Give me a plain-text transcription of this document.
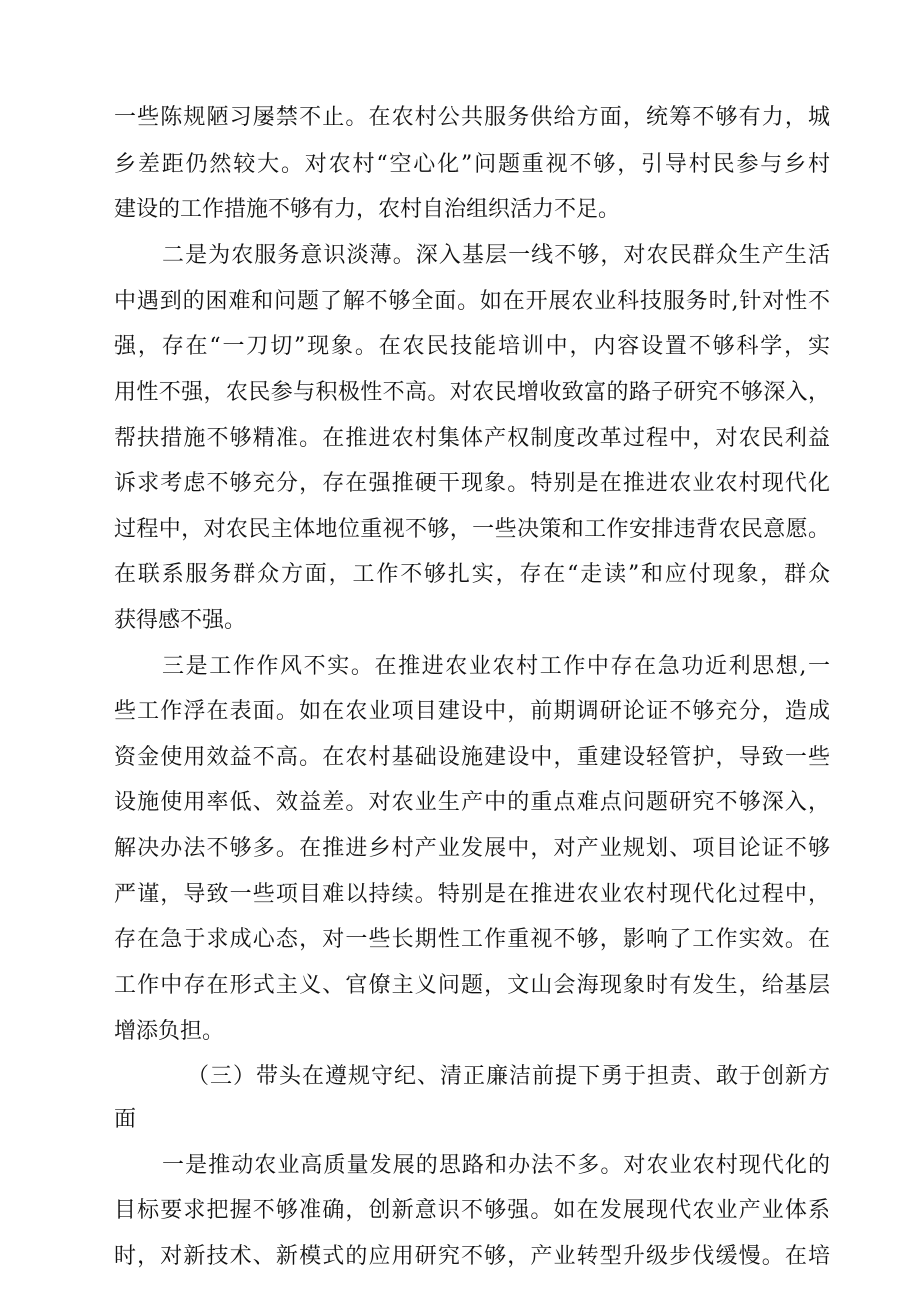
一些陈规陋习屡禁不止。在农村公共服务供给方面，统筹不够有力，城
乡差距仍然较大。对农村“空心化”问题重视不够，引导村民参与乡村
建设的工作措施不够有力，农村自治组织活力不足。
二是为农服务意识淡薄。深入基层一线不够，对农民群众生产生活
中遇到的困难和问题了解不够全面。如在开展农业科技服务时,针对性不
强，存在“一刀切”现象。在农民技能培训中，内容设置不够科学，实
用性不强，农民参与积极性不高。对农民增收致富的路子研究不够深入，
帮扶措施不够精准。在推进农村集体产权制度改革过程中，对农民利益
诉求考虑不够充分，存在强推硬干现象。特别是在推进农业农村现代化
过程中，对农民主体地位重视不够，一些决策和工作安排违背农民意愿。
在联系服务群众方面，工作不够扎实，存在“走读”和应付现象，群众
获得感不强。
三是工作作风不实。在推进农业农村工作中存在急功近利思想,一
些工作浮在表面。如在农业项目建设中，前期调研论证不够充分，造成
资金使用效益不高。在农村基础设施建设中，重建设轻管护，导致一些
设施使用率低、效益差。对农业生产中的重点难点问题研究不够深入，
解决办法不够多。在推进乡村产业发展中，对产业规划、项目论证不够
严谨，导致一些项目难以持续。特别是在推进农业农村现代化过程中，
存在急于求成心态，对一些长期性工作重视不够，影响了工作实效。在
工作中存在形式主义、官僚主义问题，文山会海现象时有发生，给基层
增添负担。
（三）带头在遵规守纪、清正廉洁前提下勇于担责、敢于创新方
面
一是推动农业高质量发展的思路和办法不多。对农业农村现代化的
目标要求把握不够准确，创新意识不够强。如在发展现代农业产业体系
时，对新技术、新模式的应用研究不够，产业转型升级步伐缓慢。在培
